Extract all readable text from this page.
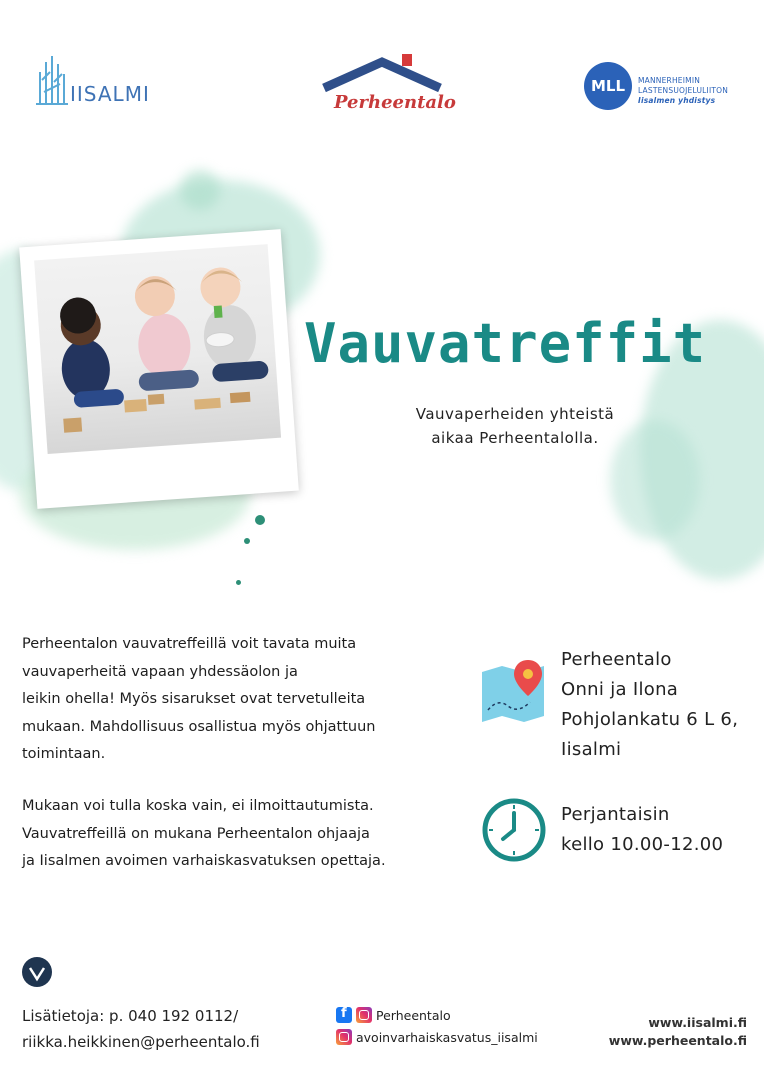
IISALMI	Perheentalo
MLL	MANNERHEIMIN
LASTENSUOJELULIITON
Iisalmen yhdistys
Vauvatreffit
Vauvaperheiden yhteistä
aikaa Perheentalolla.
Perheentalon vauvatreffeillä voit tavata muita
vauvaperheitä vapaan yhdessäolon ja
leikin ohella! Myös sisarukset ovat tervetulleita
mukaan. Mahdollisuus osallistua myös ohjattuun
toimintaan.
Mukaan voi tulla koska vain, ei ilmoittautumista.
Vauvatreffeillä on mukana Perheentalon ohjaaja
ja Iisalmen avoimen varhaiskasvatuksen opettaja.
Perheentalo
Onni ja Ilona
Pohjolankatu 6 L 6,
Iisalmi
Perjantaisin
kello 10.00-12.00
Lisätietoja: p. 040 192 0112/
riikka.heikkinen@perheentalo.fi
f
Perheentalo
avoinvarhaiskasvatus_iisalmi
www.iisalmi.fi
www.perheentalo.fi
